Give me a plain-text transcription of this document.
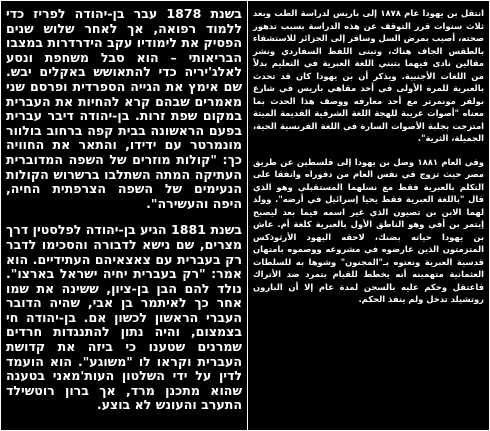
בשנת 1878 עבר בן-יהודה לפריז כדי ללמוד רפואה, אך לאחר שלוש שנים הפסיק את לימודיו עקב הידרדרות במצבו הבריאותי – הוא סבל משחפת ונסע לאלג'יריה כדי להתאושש באקלים יבש. שם אימץ את הגייה הספרדית ופרסם שני מאמרים שבהם קרא להחיות את העברית במקום שפת זרות. בן-יהודה דיבר עברית בפעם הראשונה בבית קפה ברחוב בולוור מונמרטר עם ידידו, והתאר את החוויה כך: "קולות מוזרים של השפה המדוברית העתיקה המתה השתלבו ברשרוש הקולות הנעימים של השפה הצרפתית החיה, היפה והעשירה".

בשנת 1881 הגיע בן-יהודה לפלסטין דרך מצרים, שם נישא לדבורה והסכימו לדבר רק בעברית עם צאצאיהם העתידיים. הוא אמר: "רק בעברית יחיה ישראל בארצו". נולד להם הבן בן-ציון, ששינה את שמו אחר כך לאיתמר בן אבי, שהיה הדובר העברי הראשון לכשון אם. בן-יהודה חי בצמצום, והיה נתון להתנגדות חרדים שמרנים שטענו כי ביזה את קדושת העברית וקראו לו "משוגע". הוא הועמד לדין על ידי השלטון העות'מאני בטענה שהוא מתכנן מרד, אך ברון רוטשילד התערב והעונש לא בוצע.

انتقل بن يهودا عام ١٨٧٨ إلى باريس لدراسة الطب وبعد ثلاث سنوات قرر التوقف عن هذه الدراسة بسبب تدهور صحته، أصيب بمرض السل وسافر إلى الجزائر للاستشفاء بالطقس الجاف هناك، وتبنى اللفظ السفاردي ونشر مقالين نادى فيهما بتبني اللغة العبرية في التعليم بدلاً من اللغات الأجنبية. ويذكر أن بن يهودا كان قد تحدث بالعبرية للمرة الأولى في أحد مقاهي باريس في شارع بولفر مونمرتر مع أحد معارفه ووصف هذا الحدث بما معناه "أصوات غريبة للهجة اللغة الشرقية القديمة الميتة امتزجت بجلبة الأصوات السارة في اللغة الفرنسية الحية، الجميلة، الثرية".

وفي العام ١٨٨١ وصل بن يهودا إلى فلسطين عن طريق مصر حيث تزوج في نفس العام من دفوراه واتفقا على التكلم بالعبرية فقط مع نسلهما المستقبلي وهو الذي قال "باللغة العبرية فقط يحيا إسرائيل في أرضه". وولد لهما الابن بن تصيون الذي غير اسمه فيما بعد ليصبح إيتمر بن أفي وهو الناطق الأول بالعبرية كلغة أم. عاش بن يهودا حياته بضنك، لاحقه اليهود الأرثوذكس المتزمتون الذين عارضوه في مشروعه ووصموه بامتهان قدسية العبرية ونعتوه بـ"المجنون" وشوها به للسلطات العثمانية متهمينه أنه يخطط للقيام بتمرد ضد الأتراك فاعتقل وحكم عليه بالسجن لمدة عام إلا أن البارون روتشيلد تدخل ولم ينفذ الحكم.
